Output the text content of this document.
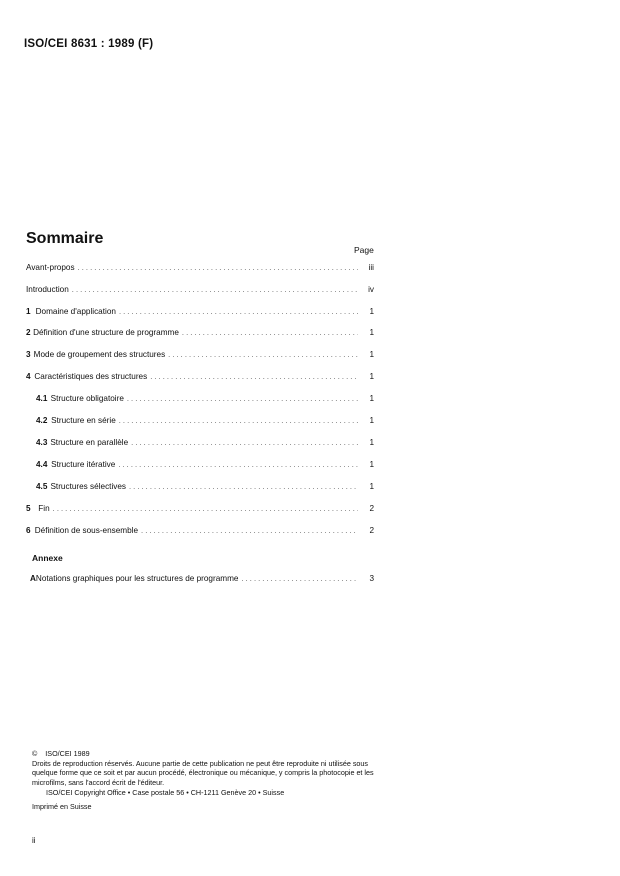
ISO/CEI 8631 : 1989 (F)
Sommaire
Page
Avant-propos . . .	iii
Introduction . . .	iv
1 Domaine d'application . . .	1
2 Définition d'une structure de programme . . .	1
3 Mode de groupement des structures . . .	1
4 Caractéristiques des structures . . .	1
4.1 Structure obligatoire . . .	1
4.2 Structure en série . . .	1
4.3 Structure en parallèle . . .	1
4.4 Structure itérative . . .	1
4.5 Structures sélectives . . .	1
5 Fin . . .	2
6 Définition de sous-ensemble . . .	2
Annexe
A Notations graphiques pour les structures de programme . . .	3

© ISO/CEI 1989

Droits de reproduction réservés. Aucune partie de cette publication ne peut être reproduite ni utilisée sous quelque forme que ce soit et par aucun procédé, électronique ou mécanique, y compris la photocopie et les microfilms, sans l'accord écrit de l'éditeur.

ISO/CEI Copyright Office • Case postale 56 • CH-1211 Genève 20 • Suisse

Imprimé en Suisse

ii
